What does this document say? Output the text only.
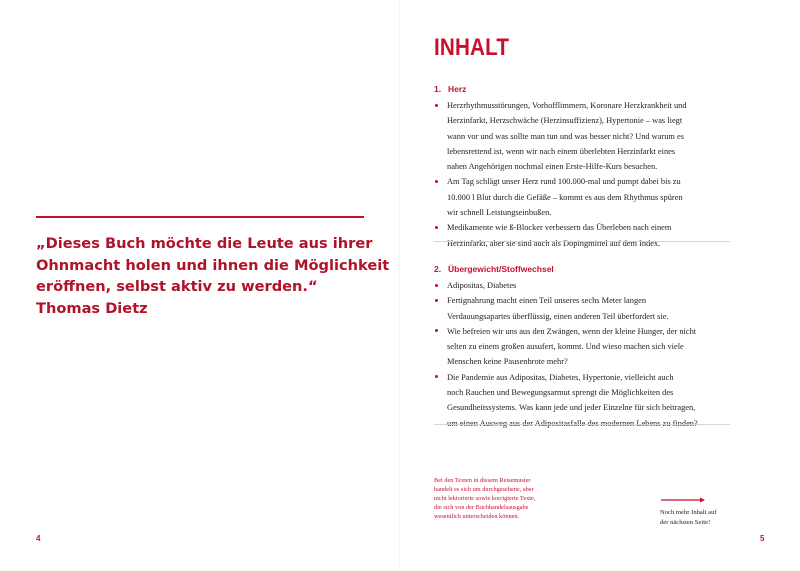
„Dieses Buch möchte die Leute aus ihrer
Ohnmacht holen und ihnen die Möglichkeit
eröffnen, selbst aktiv zu werden.“
Thomas Dietz

4
INHALT

1. Herz

Herzrhythmusstörungen, Vorhofflimmern, Koronare Herzkrankheit und
Herzinfarkt, Herzschwäche (Herzinsuffizienz), Hypertonie – was liegt
wann vor und was sollte man tun und was besser nicht? Und warum es
lebensrettend ist, wenn wir nach einem überlebten Herzinfarkt eines
nahen Angehörigen nochmal einen Erste-Hilfe-Kurs besuchen.
Am Tag schlägt unser Herz rund 100.000-mal und pumpt dabei bis zu
10.000 l Blut durch die Gefäße – kommt es aus dem Rhythmus spüren
wir schnell Leistungseinbußen.
Medikamente wie ß-Blocker verbessern das Überleben nach einem
Herzinfarkt, aber sie sind auch als Dopingmittel auf dem Index.

2. Übergewicht/Stoffwechsel

Adipositas, Diabetes
Fertignahrung macht einen Teil unseres sechs Meter langen
Verdauungsapartes überflüssig, einen anderen Teil überfordert sie.
Wie befreien wir uns aus den Zwängen, wenn der kleine Hunger, der nicht
selten zu einem großen ausufert, kommt. Und wieso machen sich viele
Menschen keine Pausenbrote mehr?
Die Pandemie aus Adipositas, Diabetes, Hypertonie, vielleicht auch
noch Rauchen und Bewegungsarmut sprengt die Möglichkeiten des
Gesundheitssystems. Was kann jede und jeder Einzelne für sich beitragen,
um einen Ausweg aus der Adipositasfalle des modernen Lebens zu finden?
Bei den Texten in diesem Reisemuster
handelt es sich um durchgesehene, aber
nicht lektorierte sowie korrigierte Texte,
die sich von der Buchhandelsausgabe
wesentlich unterscheiden können.
Noch mehr Inhalt auf
der nächsten Seite!
5
